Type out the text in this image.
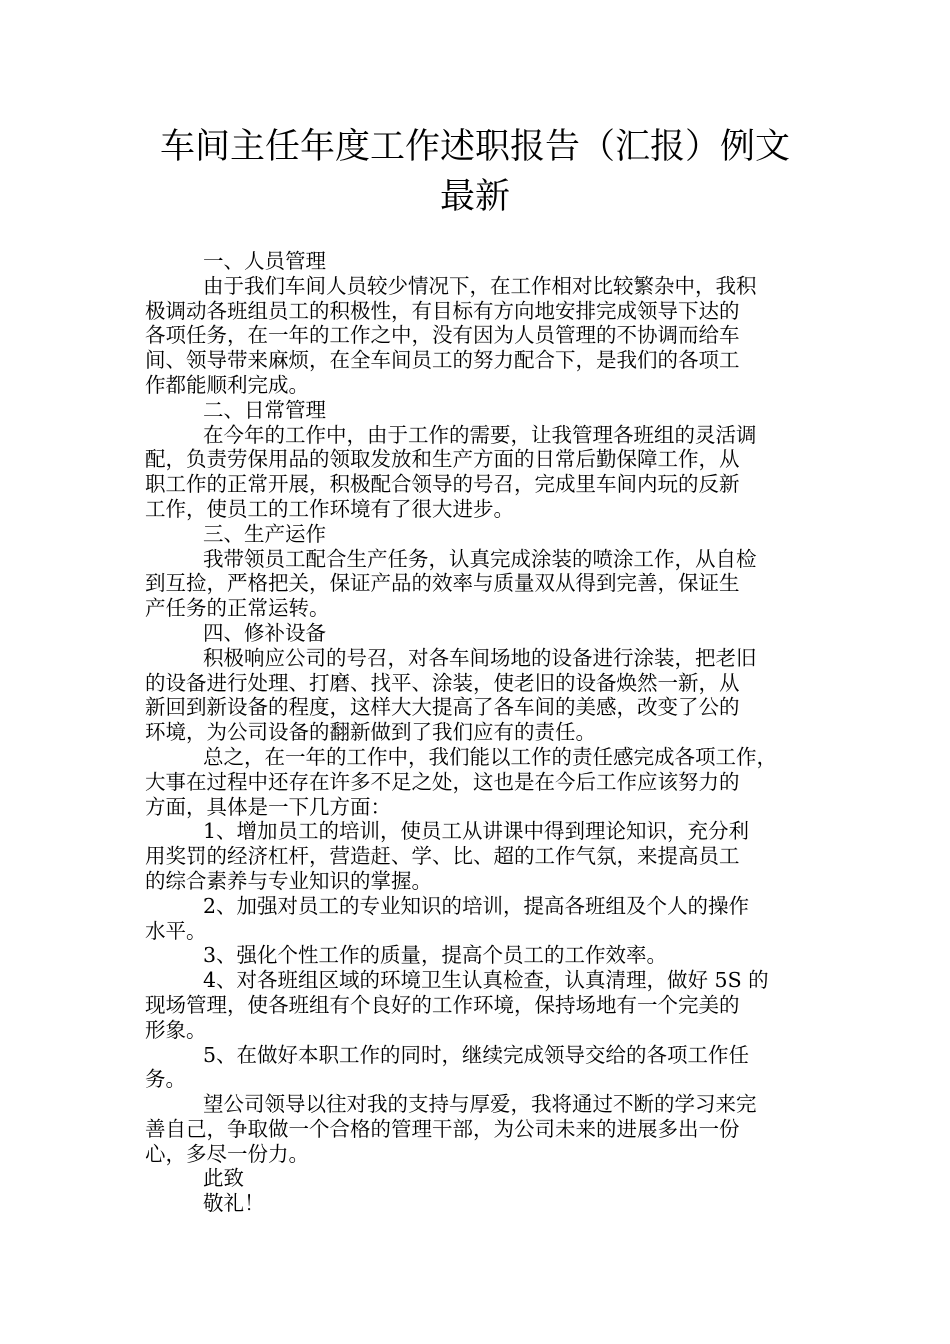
车间主任年度工作述职报告（汇报）例文
最新
一、人员管理
由于我们车间人员较少情况下，在工作相对比较繁杂中，我积
极调动各班组员工的积极性，有目标有方向地安排完成领导下达的
各项任务，在一年的工作之中，没有因为人员管理的不协调而给车
间、领导带来麻烦，在全车间员工的努力配合下，是我们的各项工
作都能顺利完成。
二、日常管理
在今年的工作中，由于工作的需要，让我管理各班组的灵活调
配，负责劳保用品的领取发放和生产方面的日常后勤保障工作，从
职工作的正常开展，积极配合领导的号召，完成里车间内玩的反新
工作，使员工的工作环境有了很大进步。
三、生产运作
我带领员工配合生产任务，认真完成涂装的喷涂工作，从自检
到互捡，严格把关，保证产品的效率与质量双从得到完善，保证生
产任务的正常运转。
四、修补设备
积极响应公司的号召，对各车间场地的设备进行涂装，把老旧
的设备进行处理、打磨、找平、涂装，使老旧的设备焕然一新，从
新回到新设备的程度，这样大大提高了各车间的美感，改变了公的
环境，为公司设备的翻新做到了我们应有的责任。
总之，在一年的工作中，我们能以工作的责任感完成各项工作，
大事在过程中还存在许多不足之处，这也是在今后工作应该努力的
方面，具体是一下几方面：
1、增加员工的培训，使员工从讲课中得到理论知识，充分利
用奖罚的经济杠杆，营造赶、学、比、超的工作气氛，来提高员工
的综合素养与专业知识的掌握。
2、加强对员工的专业知识的培训，提高各班组及个人的操作
水平。
3、强化个性工作的质量，提高个员工的工作效率。
4、对各班组区域的环境卫生认真检查，认真清理，做好 5S 的
现场管理，使各班组有个良好的工作环境，保持场地有一个完美的
形象。
5、在做好本职工作的同时，继续完成领导交给的各项工作任
务。
望公司领导以往对我的支持与厚爱，我将通过不断的学习来完
善自己，争取做一个合格的管理干部，为公司未来的进展多出一份
心，多尽一份力。
此致
敬礼！
